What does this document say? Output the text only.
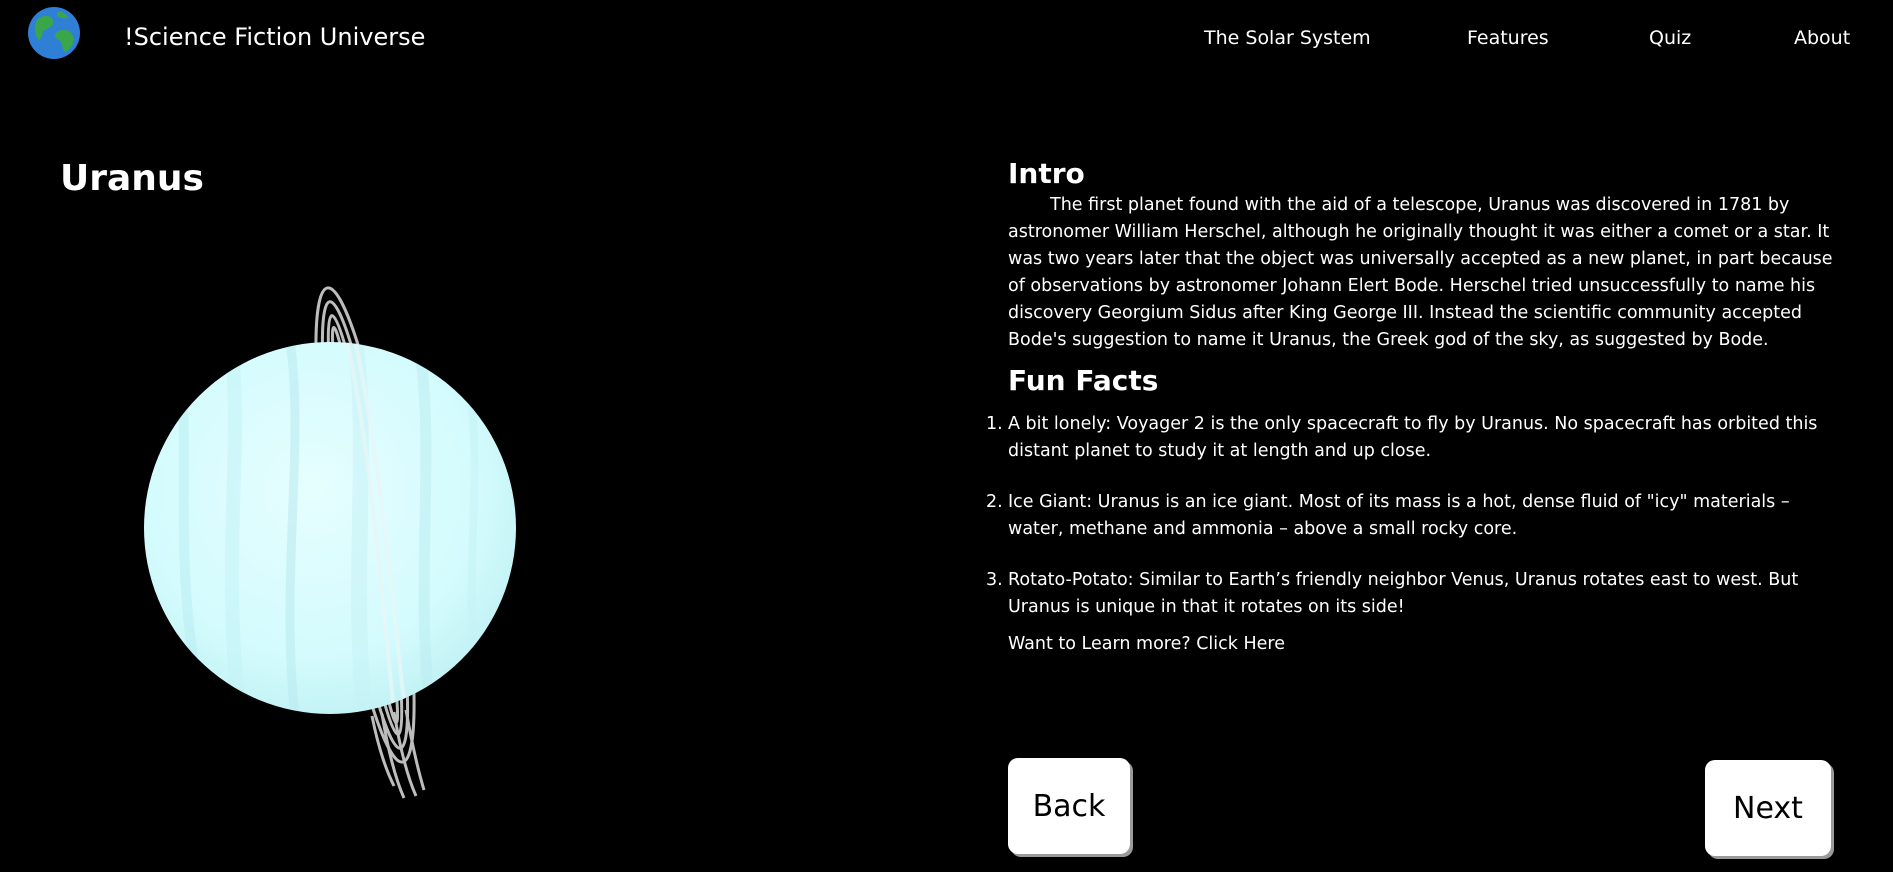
!Science Fiction Universe	The Solar System	Features	Quiz	About
Uranus	Intro

The first planet found with the aid of a telescope, Uranus was discovered in 1781 by astronomer William Herschel, although he originally thought it was either a comet or a star. It was two years later that the object was universally accepted as a new planet, in part because of observations by astronomer Johann Elert Bode. Herschel tried unsuccessfully to name his discovery Georgium Sidus after King George III. Instead the scientific community accepted Bode's suggestion to name it Uranus, the Greek god of the sky, as suggested by Bode.

Fun Facts
1. A bit lonely: Voyager 2 is the only spacecraft to fly by Uranus. No spacecraft has orbited this distant planet to study it at length and up close.
2. Ice Giant: Uranus is an ice giant. Most of its mass is a hot, dense fluid of "icy" materials – water, methane and ammonia – above a small rocky core.
3. Rotato-Potato: Similar to Earth’s friendly neighbor Venus, Uranus rotates east to west. But Uranus is unique in that it rotates on its side!

Want to Learn more? Click Here

Back	Next
